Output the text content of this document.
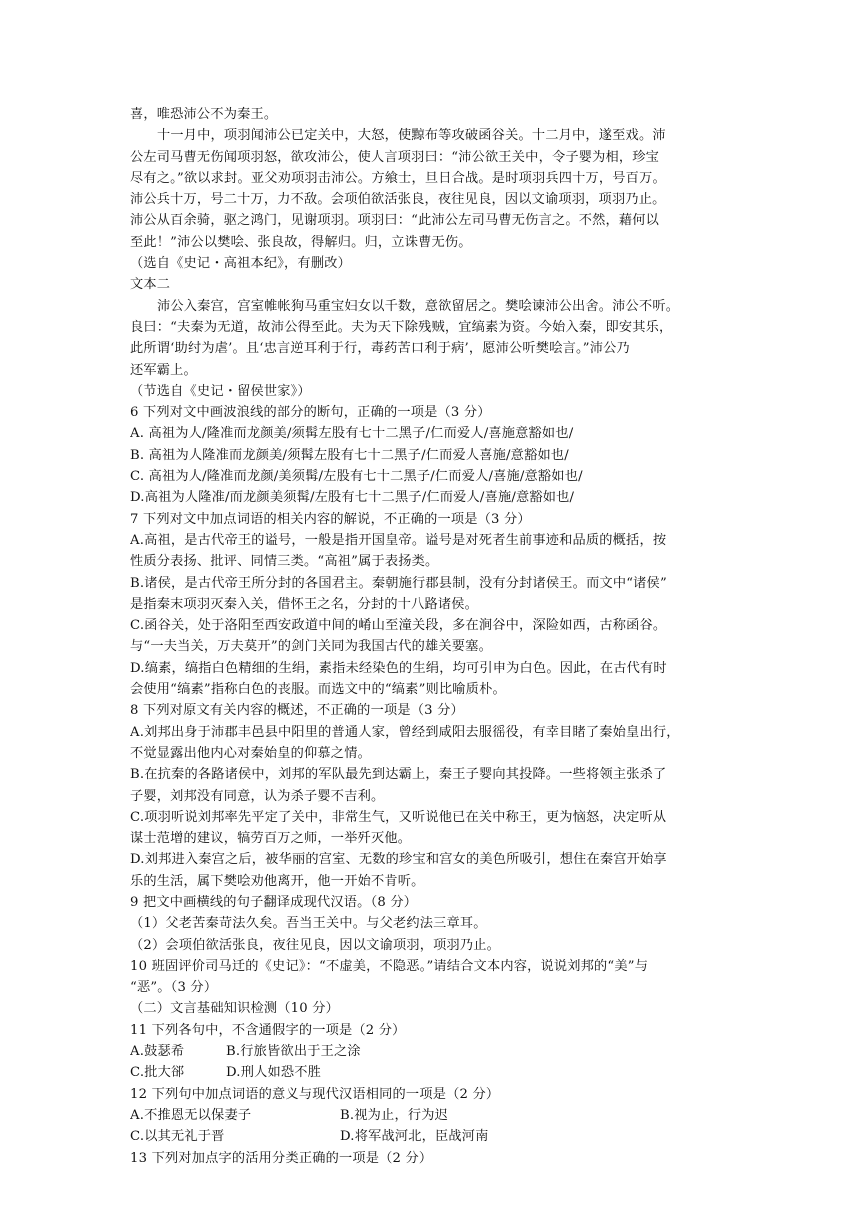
喜，唯恐沛公不为秦王。
十一月中，项羽闻沛公已定关中，大怒，使黥布等攻破函谷关。十二月中，遂至戏。沛
公左司马曹无伤闻项羽怒，欲攻沛公，使人言项羽曰：“沛公欲王关中，令子婴为相，珍宝
尽有之。”欲以求封。亚父劝项羽击沛公。方飨士，旦日合战。是时项羽兵四十万，号百万。
沛公兵十万，号二十万，力不敌。会项伯欲活张良，夜往见良，因以文谕项羽，项羽乃止。
沛公从百余骑，驱之鸿门，见谢项羽。项羽曰：“此沛公左司马曹无伤言之。不然，藉何以
至此！”沛公以樊哙、张良故，得解归。归，立诛曹无伤。
（选自《史记・高祖本纪》，有删改）
文本二
沛公入秦宫，宫室帷帐狗马重宝妇女以千数，意欲留居之。樊哙谏沛公出舍。沛公不听。
良曰：“夫秦为无道，故沛公得至此。夫为天下除残贼，宜缟素为资。今始入秦，即安其乐，
此所谓‘助纣为虐’。且‘忠言逆耳利于行，毒药苦口利于病’，愿沛公听樊哙言。”沛公乃
还军霸上。
（节选自《史记・留侯世家》）
6 下列对文中画波浪线的部分的断句，正确的一项是（3 分）
A. 高祖为人/隆准而龙颜美/须髯左股有七十二黑子/仁而爱人/喜施意豁如也/
B. 高祖为人隆准而龙颜美/须髯左股有七十二黑子/仁而爱人喜施/意豁如也/
C. 高祖为人/隆准而龙颜/美须髯/左股有七十二黑子/仁而爱人/喜施/意豁如也/
D.高祖为人隆准/而龙颜美须髯/左股有七十二黑子/仁而爱人/喜施/意豁如也/
7 下列对文中加点词语的相关内容的解说，不正确的一项是（3 分）
A.高祖，是古代帝王的谥号，一般是指开国皇帝。谥号是对死者生前事迹和品质的概括，按
性质分表扬、批评、同情三类。“高祖”属于表扬类。
B.诸侯，是古代帝王所分封的各国君主。秦朝施行郡县制，没有分封诸侯王。而文中“诸侯”
是指秦末项羽灭秦入关，借怀王之名，分封的十八路诸侯。
C.函谷关，处于洛阳至西安政道中间的崤山至潼关段，多在涧谷中，深险如西，古称函谷。
与“一夫当关，万夫莫开”的剑门关同为我国古代的雄关要塞。
D.缟素，缟指白色精细的生绢，素指未经染色的生绢，均可引申为白色。因此，在古代有时
会使用“缟素”指称白色的丧服。而选文中的“缟素”则比喻质朴。
8 下列对原文有关内容的概述，不正确的一项是（3 分）
A.刘邦出身于沛郡丰邑县中阳里的普通人家，曾经到咸阳去服徭役，有幸目睹了秦始皇出行，
不觉显露出他内心对秦始皇的仰慕之情。
B.在抗秦的各路诸侯中，刘邦的军队最先到达霸上，秦王子婴向其投降。一些将领主张杀了
子婴，刘邦没有同意，认为杀子婴不吉利。
C.项羽听说刘邦率先平定了关中，非常生气，又听说他已在关中称王，更为恼怒，决定听从
谋士范增的建议，犒劳百万之师，一举歼灭他。
D.刘邦进入秦宫之后，被华丽的宫室、无数的珍宝和宫女的美色所吸引，想住在秦宫开始享
乐的生活，属下樊哙劝他离开，他一开始不肯听。
9 把文中画横线的句子翻译成现代汉语。（8 分）
（1）父老苦秦苛法久矣。吾当王关中。与父老约法三章耳。
（2）会项伯欲活张良，夜往见良，因以文谕项羽，项羽乃止。
10 班固评价司马迁的《史记》：“不虚美，不隐恶。”请结合文本内容，说说刘邦的“美”与
“恶”。（3 分）
（二）文言基础知识检测（10 分）
11 下列各句中，不含通假字的一项是（2 分）
A.鼓瑟希	B.行旅皆欲出于王之涂
C.批大郤	D.刑人如恐不胜
12 下列句中加点词语的意义与现代汉语相同的一项是（2 分）
A.不推恩无以保妻子	B.视为止，行为迟
C.以其无礼于晋	D.将军战河北，臣战河南
13 下列对加点字的活用分类正确的一项是（2 分）
